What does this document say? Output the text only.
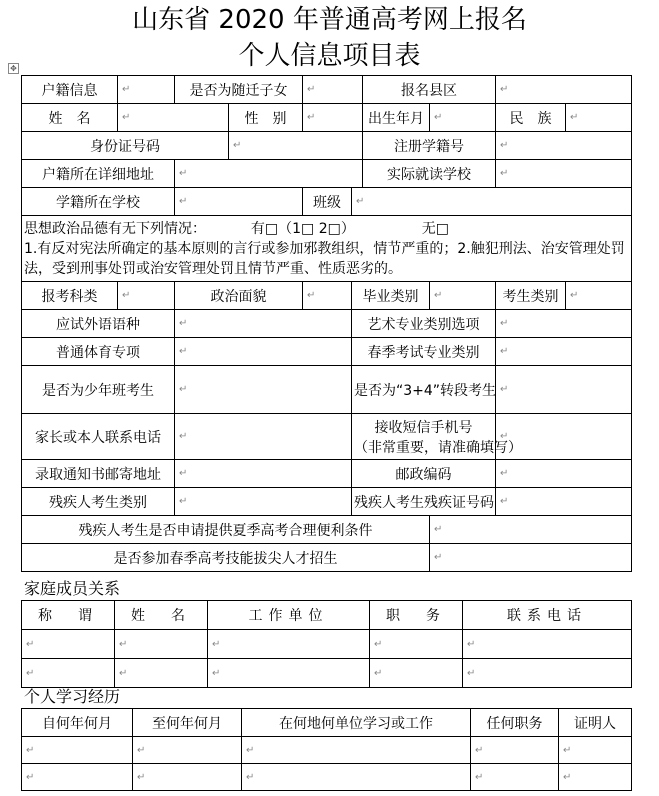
山东省 2020 年普通高考网上报名
个人信息项目表
✥
户籍信息	↵	是否为随迁子女		↵		报名县区		↵	
姓　名	↵		性　别	↵		出生年月	↵	民　族	↵
身份证号码			↵			注册学籍号		↵	
户籍所在详细地址		↵				实际就读学校		↵	
学籍所在学校		↵		班级	↵				

思想政治品德有无下列情况： 有□（1□ 2□） 无□
1.有反对宪法所确定的基本原则的言行或参加邪教组织，情节严重的；2.触犯刑法、治安管理处罚法，受到刑事处罚或治安管理处罚且情节严重、性质恶劣的。									

报考科类	↵	政治面貌		↵	毕业类别		↵	考生类别	↵
应试外语语种		↵			艺术专业类别选项			↵	
普通体育专项		↵			春季考试专业类别			↵	
是否为少年班考生		↵			是否为“3+4”转段考生			↵	
家长或本人联系电话		↵			接收短信手机号
（非常重要，请准确填写）			↵	
录取通知书邮寄地址		↵			邮政编码			↵	
残疾人考生类别		↵			残疾人考生残疾证号码			↵	
残疾人考生是否申请提供夏季高考合理便利条件							↵		
是否参加春季高考技能拔尖人才招生							↵		
家庭成员关系
称　谓	姓　名	工作单位	职　务	联系电话
↵	↵	↵	↵	↵
↵	↵	↵	↵	↵
个人学习经历
自何年何月	至何年何月	在何地何单位学习或工作	任何职务	证明人
↵	↵	↵	↵	↵
↵	↵	↵	↵	↵
